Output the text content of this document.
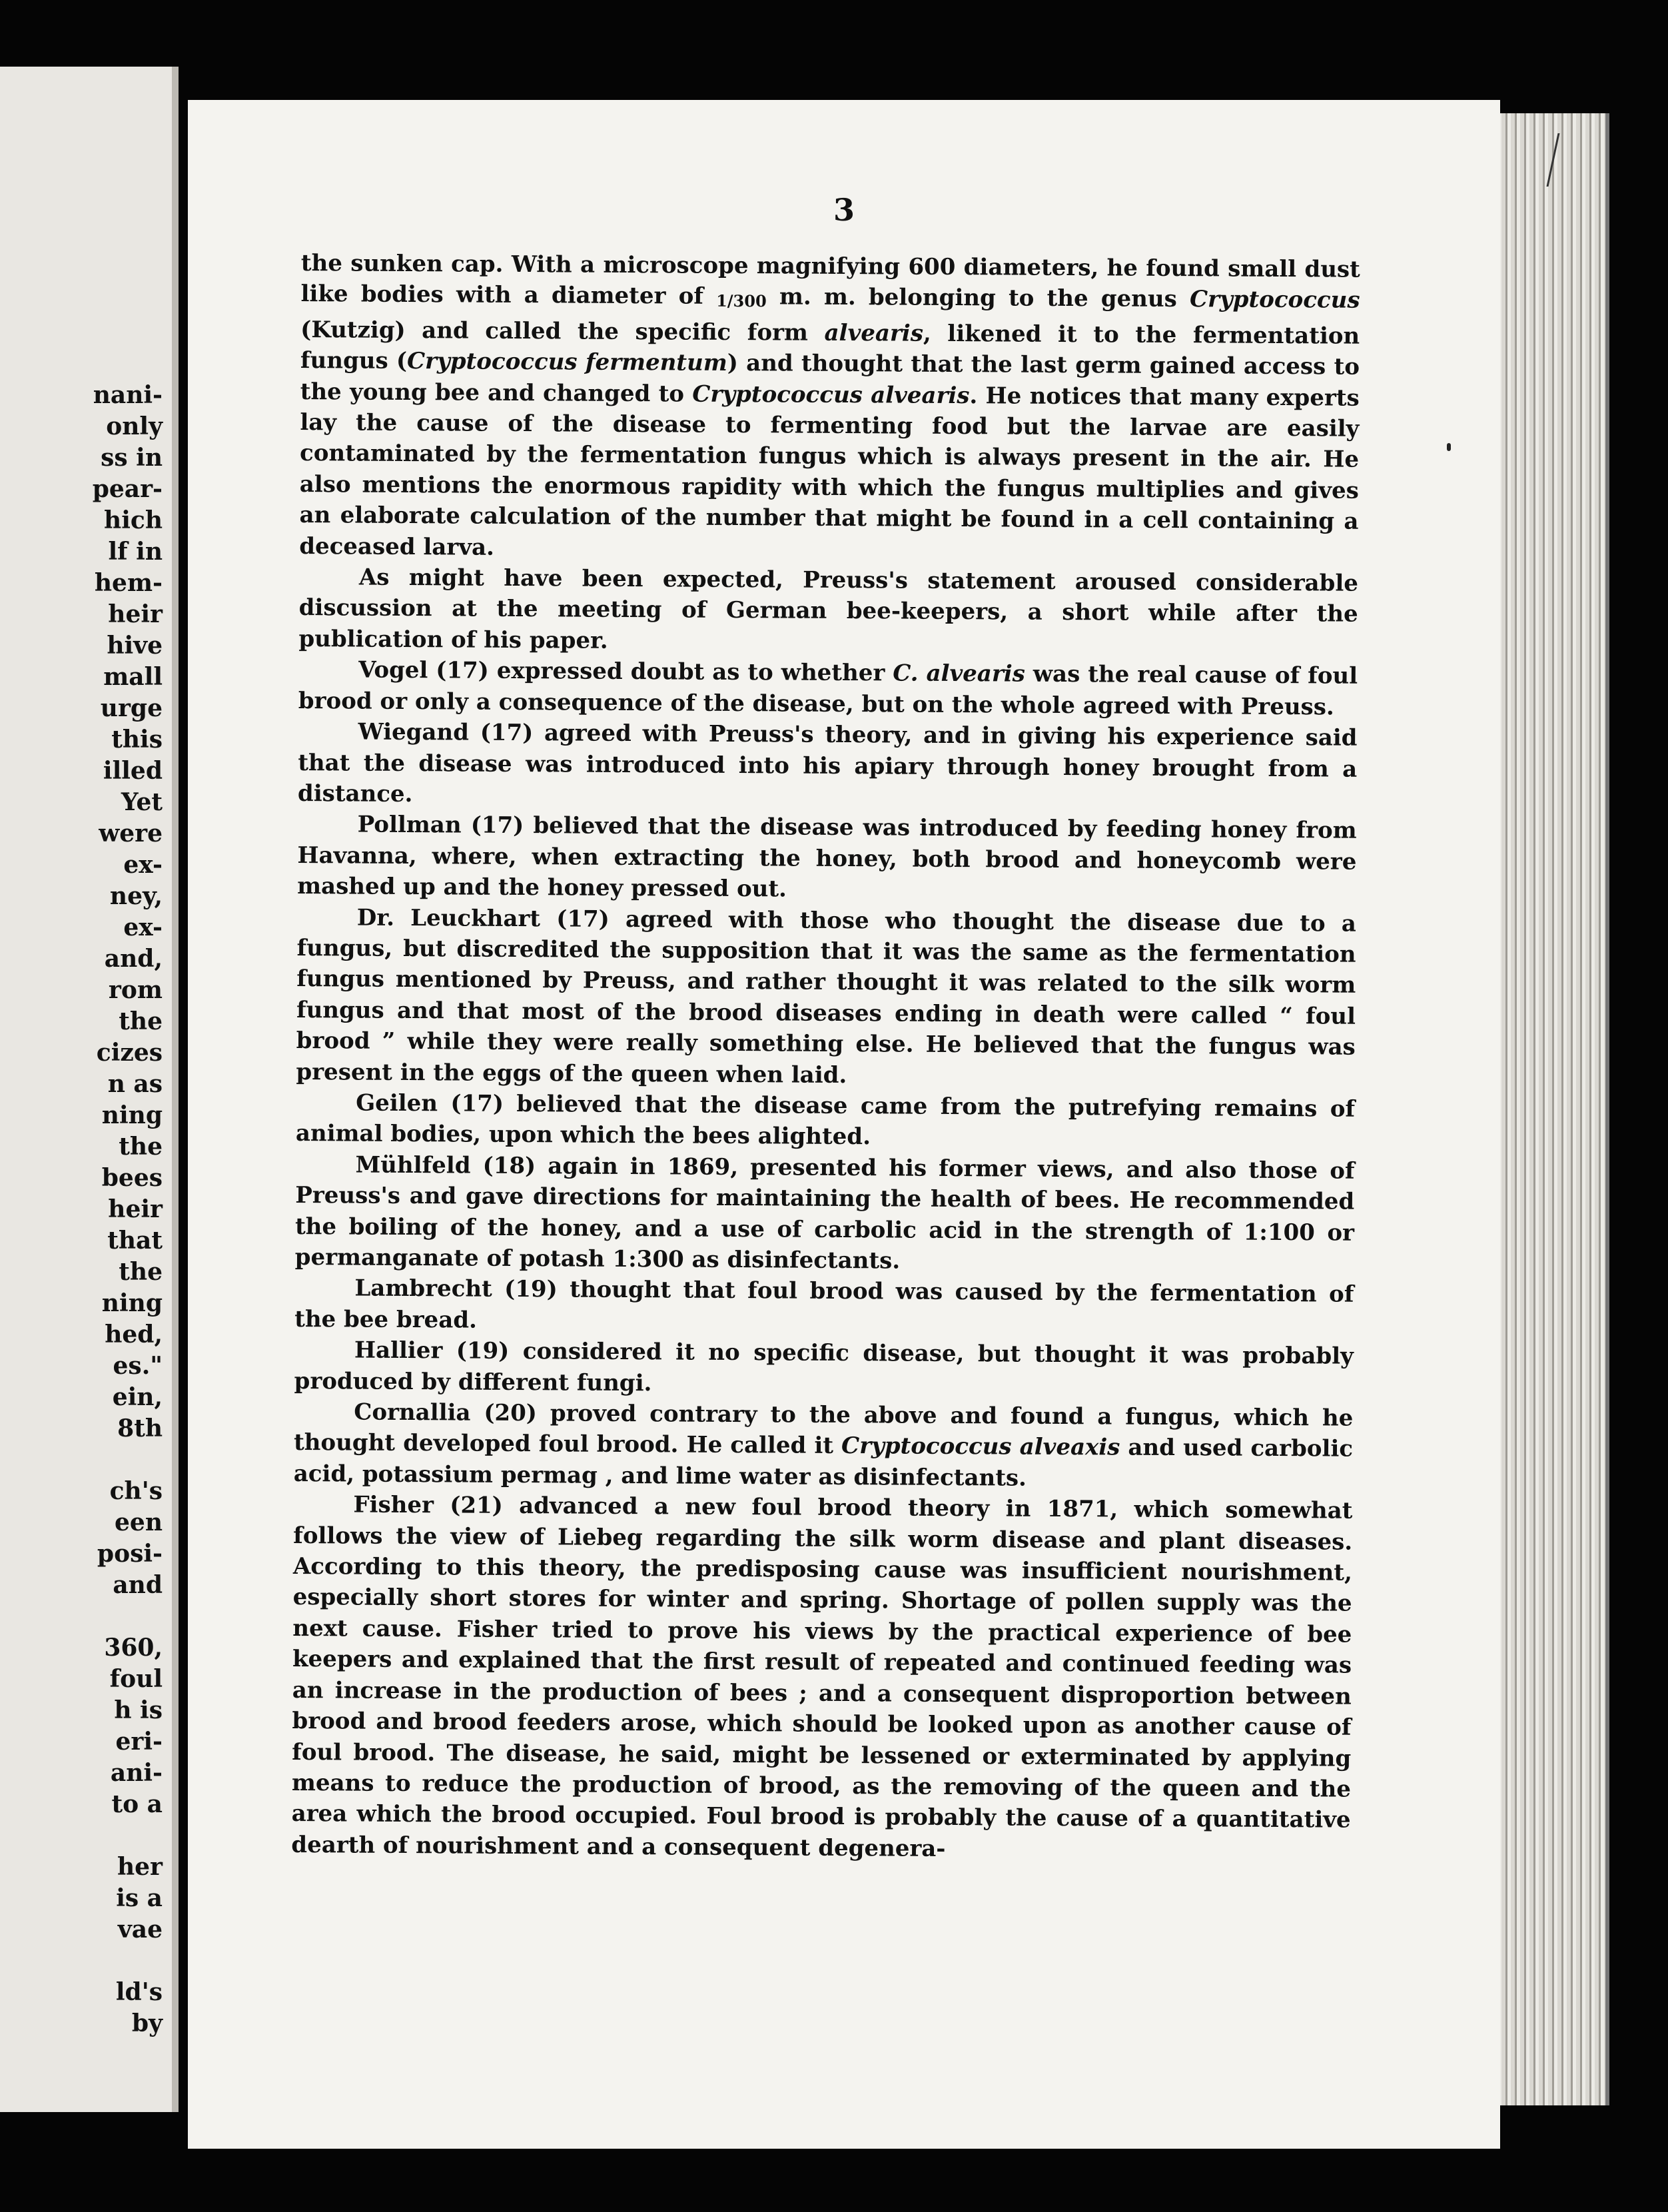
nani-
only
ss in
pear-
hich
lf in
hem-
heir
hive
mall
urge
this
illed
Yet
were
ex-
ney,
ex-
and,
rom
the
cizes
n as
ning
the
bees
heir
that
the
ning
hed,
es."
ein,
8th

ch's
een
posi-
and

360,
foul
h is
eri-
ani-
to a

her
is a
vae

ld's
by
3

the sunken cap. With a microscope magnifying 600 diameters, he found small dust like bodies with a diameter of 1/300 m. m. belonging to the genus Cryptococcus (Kutzig) and called the specific form alvearis, likened it to the fermentation fungus (Cryptococcus fermentum) and thought that the last germ gained access to the young bee and changed to Cryptococcus alvearis. He notices that many experts lay the cause of the disease to fermenting food but the larvae are easily contaminated by the fermentation fungus which is always present in the air. He also mentions the enormous rapidity with which the fungus multiplies and gives an elaborate calculation of the number that might be found in a cell containing a deceased larva.

As might have been expected, Preuss's statement aroused considerable discussion at the meeting of German bee-keepers, a short while after the publication of his paper.

Vogel (17) expressed doubt as to whether C. alvearis was the real cause of foul brood or only a consequence of the disease, but on the whole agreed with Preuss.

Wiegand (17) agreed with Preuss's theory, and in giving his experience said that the disease was introduced into his apiary through honey brought from a distance.

Pollman (17) believed that the disease was introduced by feeding honey from Havanna, where, when extracting the honey, both brood and honeycomb were mashed up and the honey pressed out.

Dr. Leuckhart (17) agreed with those who thought the disease due to a fungus, but discredited the supposition that it was the same as the fermentation fungus mentioned by Preuss, and rather thought it was related to the silk worm fungus and that most of the brood diseases ending in death were called “ foul brood ” while they were really something else. He believed that the fungus was present in the eggs of the queen when laid.

Geilen (17) believed that the disease came from the putrefying remains of animal bodies, upon which the bees alighted.

Mühlfeld (18) again in 1869, presented his former views, and also those of Preuss's and gave directions for maintaining the health of bees. He recommended the boiling of the honey, and a use of carbolic acid in the strength of 1:100 or permanganate of potash 1:300 as disinfectants.

Lambrecht (19) thought that foul brood was caused by the fermentation of the bee bread.

Hallier (19) considered it no specific disease, but thought it was probably produced by different fungi.

Cornallia (20) proved contrary to the above and found a fungus, which he thought developed foul brood. He called it Cryptococcus alveaxis and used carbolic acid, potassium permag , and lime water as disinfectants.

Fisher (21) advanced a new foul brood theory in 1871, which somewhat follows the view of Liebeg regarding the silk worm disease and plant diseases. According to this theory, the predisposing cause was insufficient nourishment, especially short stores for winter and spring. Shortage of pollen supply was the next cause. Fisher tried to prove his views by the practical experience of bee keepers and explained that the first result of repeated and continued feeding was an increase in the production of bees ; and a consequent disproportion between brood and brood feeders arose, which should be looked upon as another cause of foul brood. The disease, he said, might be lessened or exterminated by applying means to reduce the production of brood, as the removing of the queen and the area which the brood occupied. Foul brood is probably the cause of a quantitative dearth of nourishment and a consequent degenera-
